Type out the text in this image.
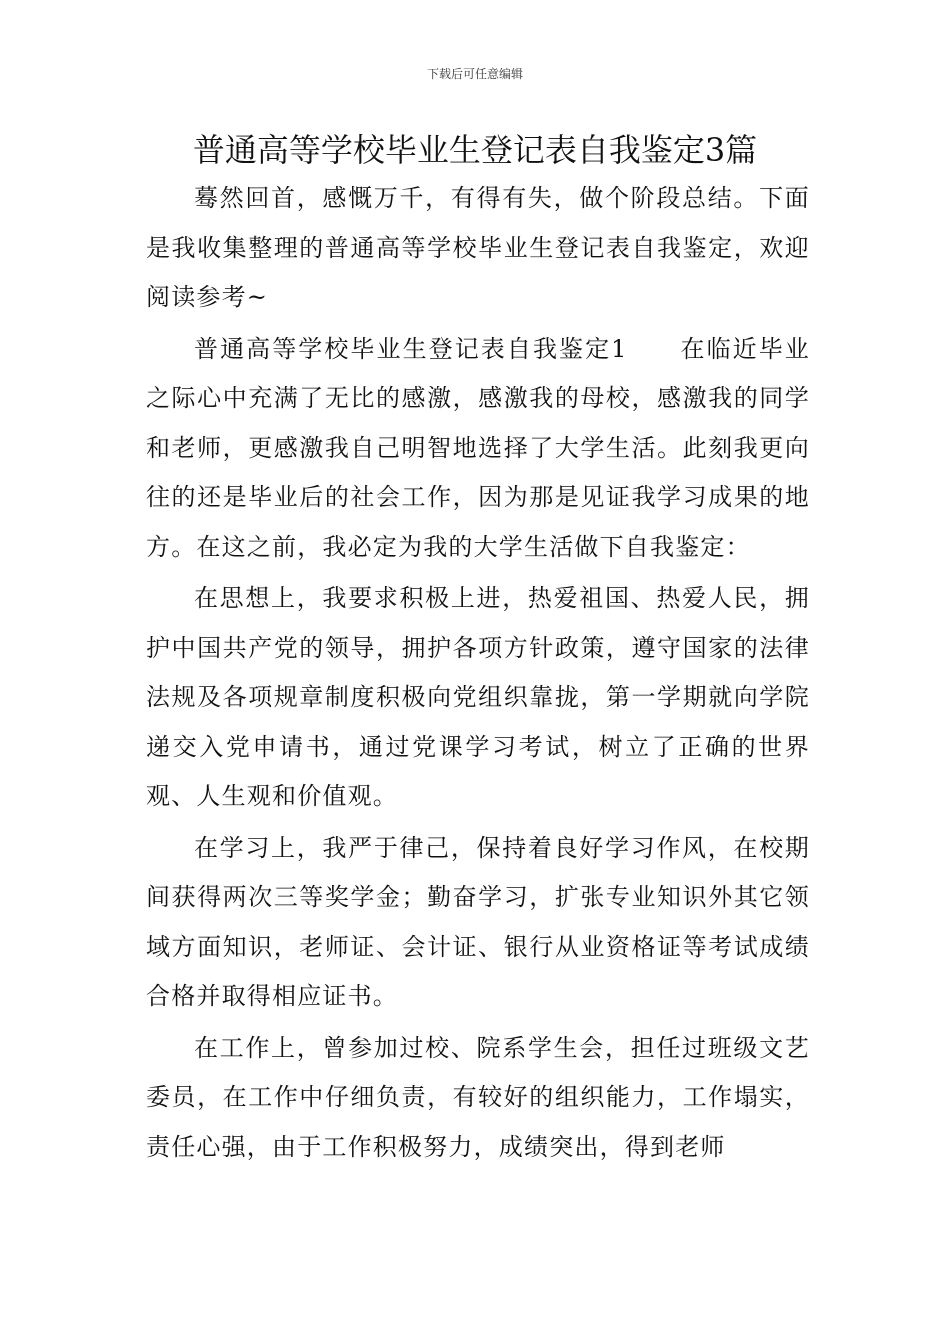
下载后可任意编辑
普通高等学校毕业生登记表自我鉴定3篇

蓦然回首，感慨万千，有得有失，做个阶段总结。下面是我收集整理的普通高等学校毕业生登记表自我鉴定，欢迎阅读参考~

普通高等学校毕业生登记表自我鉴定1 在临近毕业之际心中充满了无比的感激，感激我的母校，感激我的同学和老师，更感激我自己明智地选择了大学生活。此刻我更向往的还是毕业后的社会工作，因为那是见证我学习成果的地方。在这之前，我必定为我的大学生活做下自我鉴定：

在思想上，我要求积极上进，热爱祖国、热爱人民，拥护中国共产党的领导，拥护各项方针政策，遵守国家的法律法规及各项规章制度积极向党组织靠拢，第一学期就向学院递交入党申请书，通过党课学习考试，树立了正确的世界观、人生观和价值观。

在学习上，我严于律己，保持着良好学习作风，在校期间获得两次三等奖学金；勤奋学习，扩张专业知识外其它领域方面知识，老师证、会计证、银行从业资格证等考试成绩合格并取得相应证书。

在工作上，曾参加过校、院系学生会，担任过班级文艺委员，在工作中仔细负责，有较好的组织能力，工作塌实，责任心强，由于工作积极努力，成绩突出，得到老师
